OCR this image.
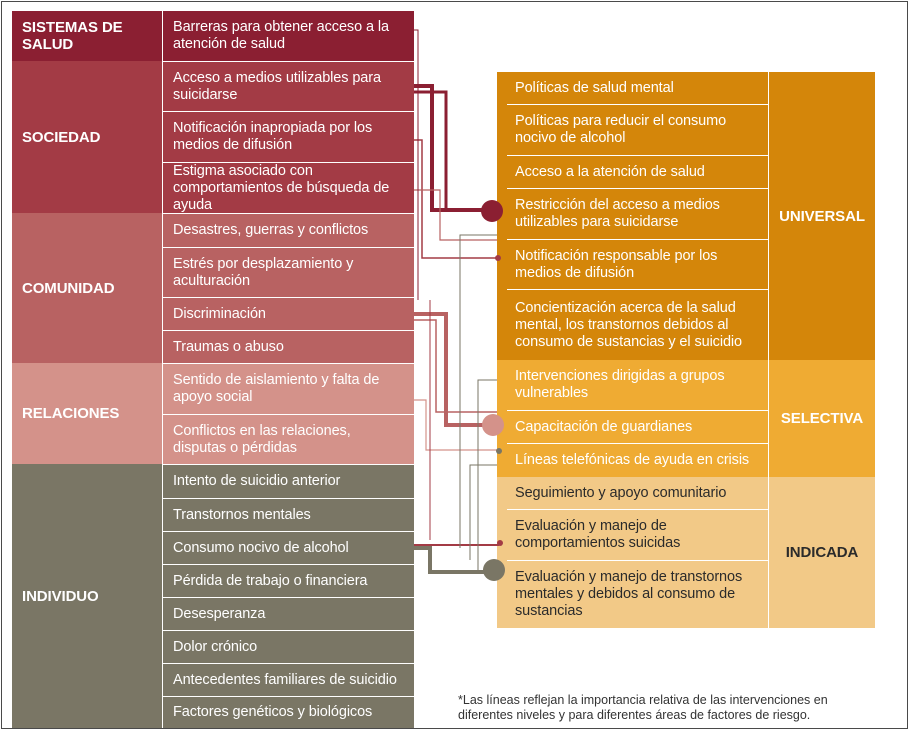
SISTEMAS DE SALUD
SOCIEDAD
COMUNIDAD
RELACIONES
INDIVIDUO
Barreras para obtener acceso a la atención de salud
Acceso a medios utilizables para suicidarse
Notificación inapropiada por los medios de difusión
Estigma asociado con comportamientos de búsqueda de ayuda
Desastres, guerras y conflictos
Estrés por desplazamiento y aculturación
Discriminación
Traumas o abuso
Sentido de aislamiento y falta de apoyo social
Conflictos en las relaciones, disputas o pérdidas
Intento de suicidio anterior
Transtornos mentales
Consumo nocivo de alcohol
Pérdida de trabajo o financiera
Desesperanza
Dolor crónico
Antecedentes familiares de suicidio
Factores genéticos y biológicos
Políticas de salud mental
Políticas para reducir el consumo nocivo de alcohol
Acceso a la atención de salud
Restricción del acceso a medios utilizables para suicidarse
Notificación responsable por los medios de difusión
Concientización acerca de la salud mental, los transtornos debidos al consumo de sustancias y el suicidio
Intervenciones dirigidas a grupos vulnerables
Capacitación de guardianes
Líneas telefónicas de ayuda en crisis
Seguimiento y apoyo comunitario
Evaluación y manejo de comportamientos suicidas
Evaluación y manejo de transtornos mentales y debidos al consumo de sustancias
UNIVERSAL
SELECTIVA
INDICADA
*Las líneas reflejan la importancia relativa de las intervenciones en diferentes niveles y para diferentes áreas de factores de riesgo.
